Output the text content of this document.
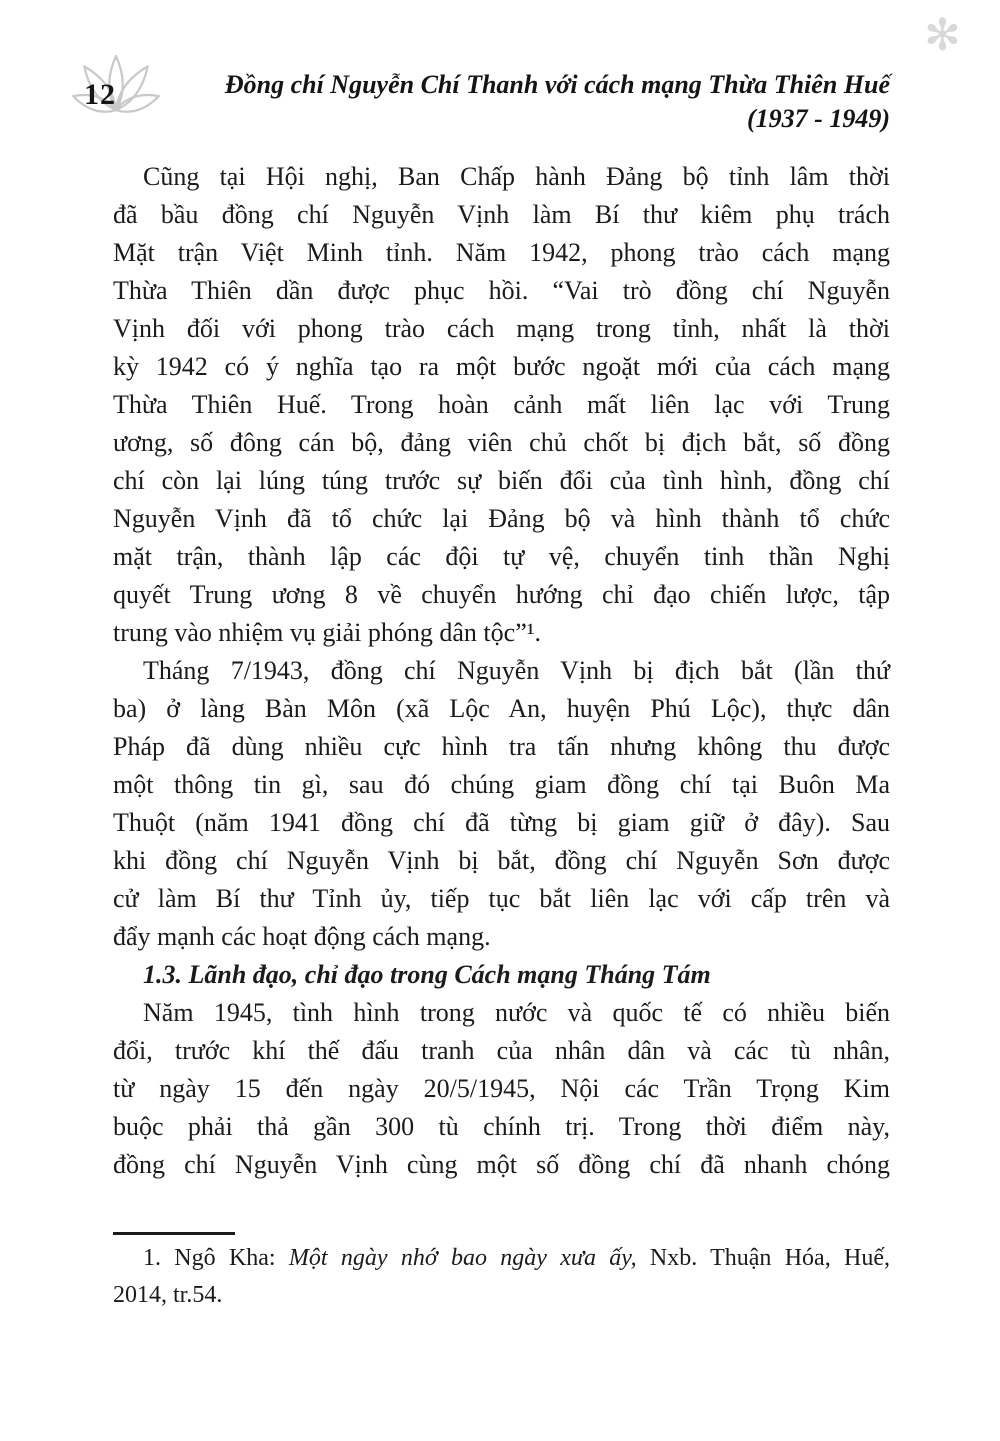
12	Đồng chí Nguyễn Chí Thanh với cách mạng Thừa Thiên Huế
(1937 - 1949)
✻
Cũng tại Hội nghị, Ban Chấp hành Đảng bộ tỉnh lâm thời
đã bầu đồng chí Nguyễn Vịnh làm Bí thư kiêm phụ trách
Mặt trận Việt Minh tỉnh. Năm 1942, phong trào cách mạng
Thừa Thiên dần được phục hồi. “Vai trò đồng chí Nguyễn
Vịnh đối với phong trào cách mạng trong tỉnh, nhất là thời
kỳ 1942 có ý nghĩa tạo ra một bước ngoặt mới của cách mạng
Thừa Thiên Huế. Trong hoàn cảnh mất liên lạc với Trung
ương, số đông cán bộ, đảng viên chủ chốt bị địch bắt, số đồng
chí còn lại lúng túng trước sự biến đổi của tình hình, đồng chí
Nguyễn Vịnh đã tổ chức lại Đảng bộ và hình thành tổ chức
mặt trận, thành lập các đội tự vệ, chuyển tinh thần Nghị
quyết Trung ương 8 về chuyển hướng chỉ đạo chiến lược, tập
trung vào nhiệm vụ giải phóng dân tộc”¹.
Tháng 7/1943, đồng chí Nguyễn Vịnh bị địch bắt (lần thứ
ba) ở làng Bàn Môn (xã Lộc An, huyện Phú Lộc), thực dân
Pháp đã dùng nhiều cực hình tra tấn nhưng không thu được
một thông tin gì, sau đó chúng giam đồng chí tại Buôn Ma
Thuột (năm 1941 đồng chí đã từng bị giam giữ ở đây). Sau
khi đồng chí Nguyễn Vịnh bị bắt, đồng chí Nguyễn Sơn được
cử làm Bí thư Tỉnh ủy, tiếp tục bắt liên lạc với cấp trên và
đẩy mạnh các hoạt động cách mạng.
1.3. Lãnh đạo, chỉ đạo trong Cách mạng Tháng Tám
Năm 1945, tình hình trong nước và quốc tế có nhiều biến
đổi, trước khí thế đấu tranh của nhân dân và các tù nhân,
từ ngày 15 đến ngày 20/5/1945, Nội các Trần Trọng Kim
buộc phải thả gần 300 tù chính trị. Trong thời điểm này,
đồng chí Nguyễn Vịnh cùng một số đồng chí đã nhanh chóng
1. Ngô Kha: Một ngày nhớ bao ngày xưa ấy, Nxb. Thuận Hóa, Huế,
2014, tr.54.
